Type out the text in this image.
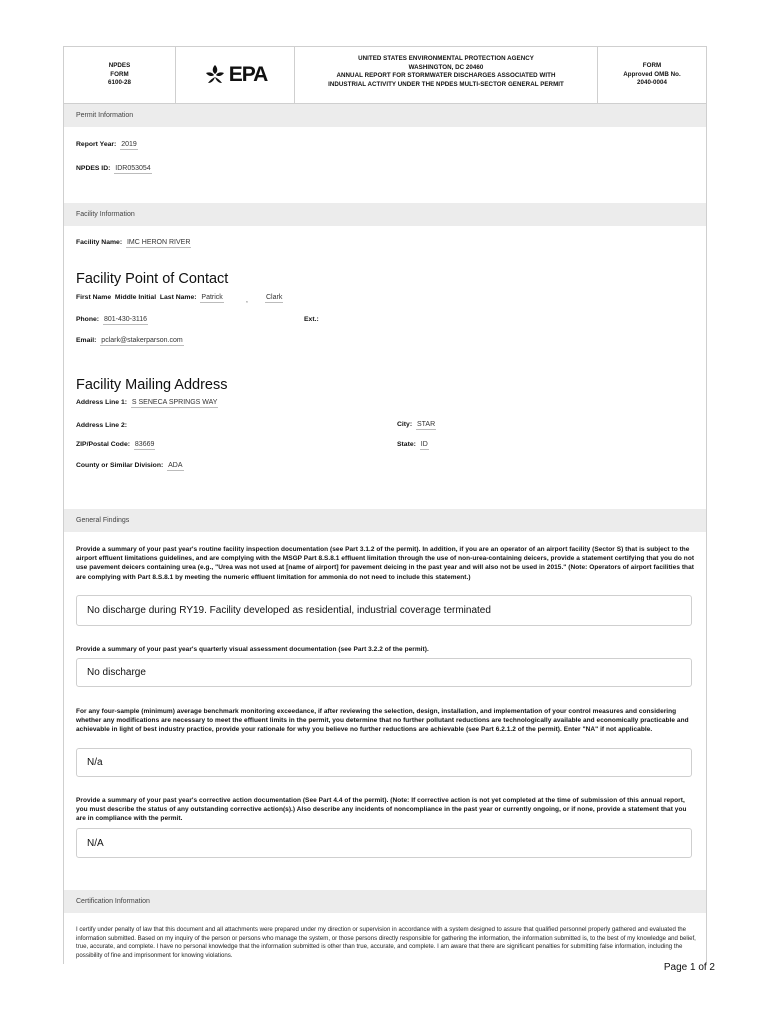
NPDES
FORM
6100-28	EPA
UNITED STATES ENVIRONMENTAL PROTECTION AGENCY
WASHINGTON, DC 20460
ANNUAL REPORT FOR STORMWATER DISCHARGES ASSOCIATED WITH
INDUSTRIAL ACTIVITY UNDER THE NPDES MULTI-SECTOR GENERAL PERMIT
FORM
Approved OMB No.
2040-0004
Permit Information
Report Year: 2019
NPDES ID: IDR053054
Facility Information
Facility Name: IMC HERON RIVER
Facility Point of Contact
First Name Middle Initial Last Name: Patrick	,	Clark
Phone: 801-430-3116	Ext.:
Email: pclark@stakerparson.com
Facility Mailing Address
Address Line 1: S SENECA SPRINGS WAY
Address Line 2:	City: STAR
ZIP/Postal Code: 83669	State: ID
County or Similar Division: ADA
General Findings
Provide a summary of your past year's routine facility inspection documentation (see Part 3.1.2 of the permit). In addition, if you are an operator of an airport facility (Sector S) that is subject to the airport effluent limitations guidelines, and are complying with the MSGP Part 8.S.8.1 effluent limitation through the use of non-urea-containing deicers, provide a statement certifying that you do not use pavement deicers containing urea (e.g., "Urea was not used at [name of airport] for pavement deicing in the past year and will also not be used in 2015." (Note: Operators of airport facilities that are complying with Part 8.S.8.1 by meeting the numeric effluent limitation for ammonia do not need to include this statement.)
No discharge during RY19. Facility developed as residential, industrial coverage terminated
Provide a summary of your past year's quarterly visual assessment documentation (see Part 3.2.2 of the permit).
No discharge
For any four-sample (minimum) average benchmark monitoring exceedance, if after reviewing the selection, design, installation, and implementation of your control measures and considering whether any modifications are necessary to meet the effluent limits in the permit, you determine that no further pollutant reductions are technologically available and economically practicable and achievable in light of best industry practice, provide your rationale for why you believe no further reductions are achievable (see Part 6.2.1.2 of the permit). Enter "NA" if not applicable.
N/a
Provide a summary of your past year's corrective action documentation (See Part 4.4 of the permit). (Note: If corrective action is not yet completed at the time of submission of this annual report, you must describe the status of any outstanding corrective action(s).) Also describe any incidents of noncompliance in the past year or currently ongoing, or if none, provide a statement that you are in compliance with the permit.
N/A
Certification Information
I certify under penalty of law that this document and all attachments were prepared under my direction or supervision in accordance with a system designed to assure that qualified personnel properly gathered and evaluated the information submitted. Based on my inquiry of the person or persons who manage the system, or those persons directly responsible for gathering the information, the information submitted is, to the best of my knowledge and belief, true, accurate, and complete. I have no personal knowledge that the information submitted is other than true, accurate, and complete. I am aware that there are significant penalties for submitting false information, including the possibility of fine and imprisonment for knowing violations.
Page 1 of 2
